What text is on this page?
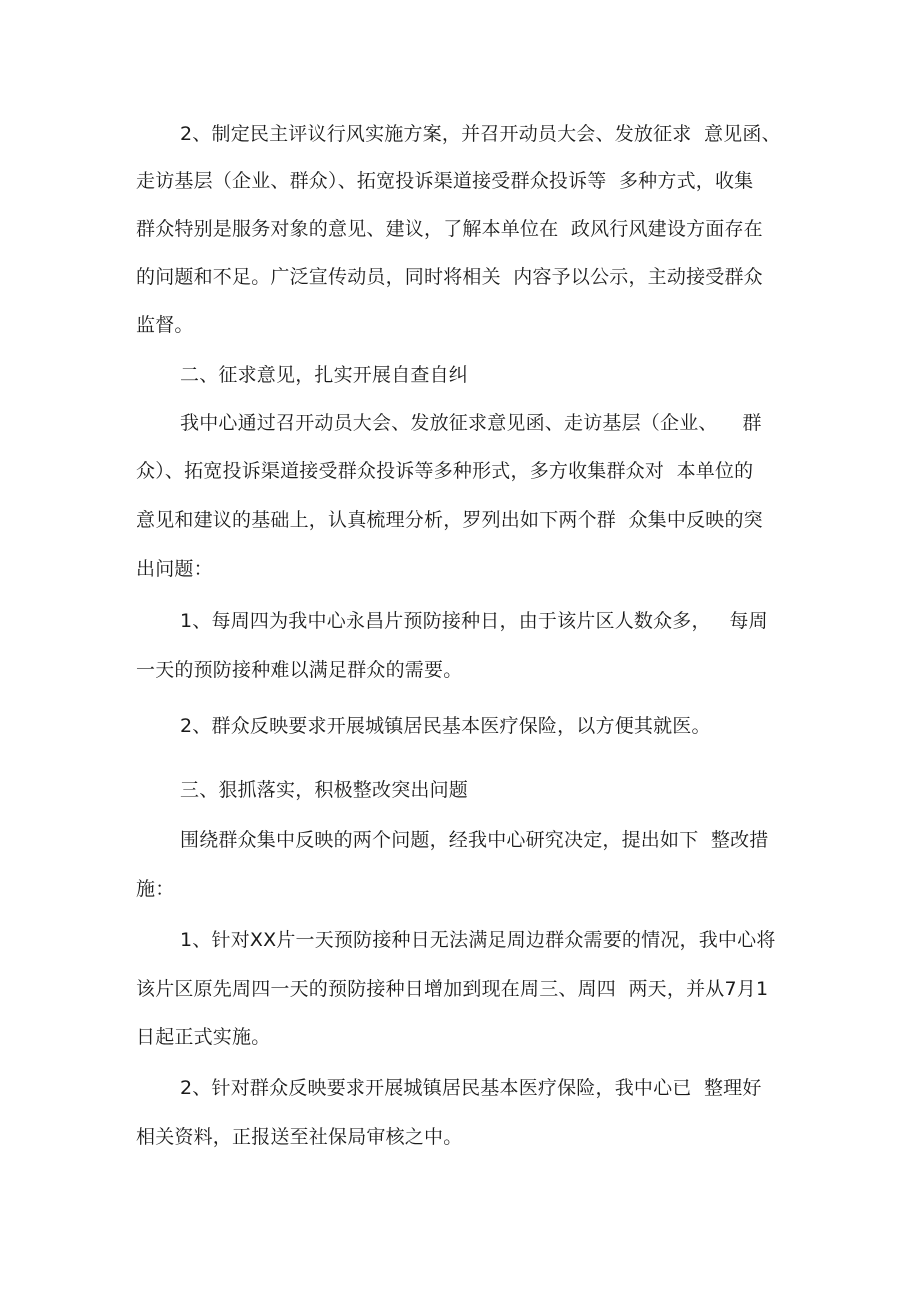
2、制定民主评议行风实施方案，并召开动员大会、发放征求  意见函、
走访基层（企业、群众）、拓宽投诉渠道接受群众投诉等  多种方式，收集
群众特别是服务对象的意见、建议，了解本单位在  政风行风建设方面存在
的问题和不足。广泛宣传动员，同时将相关  内容予以公示，主动接受群众
监督。
二、征求意见，扎实开展自查自纠
我中心通过召开动员大会、发放征求意见函、走访基层（企业、    群
众）、拓宽投诉渠道接受群众投诉等多种形式，多方收集群众对  本单位的
意见和建议的基础上，认真梳理分析，罗列出如下两个群  众集中反映的突
出问题：
1、每周四为我中心永昌片预防接种日，由于该片区人数众多，   每周
一天的预防接种难以满足群众的需要。
2、群众反映要求开展城镇居民基本医疗保险，以方便其就医。
三、狠抓落实，积极整改突出问题
围绕群众集中反映的两个问题，经我中心研究决定，提出如下  整改措
施：
1、针对XX片一天预防接种日无法满足周边群众需要的情况，我中心将
该片区原先周四一天的预防接种日增加到现在周三、周四  两天，并从7月1
日起正式实施。
2、针对群众反映要求开展城镇居民基本医疗保险，我中心已  整理好
相关资料，正报送至社保局审核之中。
